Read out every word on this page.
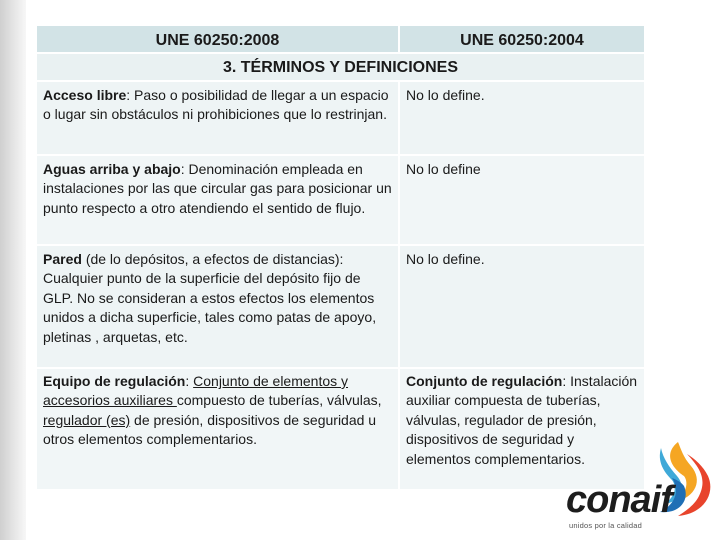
UNE 60250:2008	UNE 60250:2004
3. TÉRMINOS Y DEFINICIONES
Acceso libre: Paso o posibilidad de llegar a un espacio o lugar sin obstáculos ni prohibiciones que lo restrinjan.
No lo define.
Aguas arriba y abajo: Denominación empleada en instalaciones por las que circular gas para posicionar un punto respecto a otro atendiendo el sentido de flujo.
No lo define
Pared (de lo depósitos, a efectos de distancias): Cualquier punto de la superficie del depósito fijo de GLP. No se consideran a estos efectos los elementos unidos a dicha superficie, tales como patas de apoyo, pletinas , arquetas, etc.
No lo define.
Equipo de regulación: Conjunto de elementos y accesorios auxiliares compuesto de tuberías, válvulas, regulador (es) de presión, dispositivos de seguridad u otros elementos complementarios.
Conjunto de regulación: Instalación auxiliar compuesta de tuberías, válvulas, regulador de presión, dispositivos de seguridad y elementos complementarios.
conaif
unidos por la calidad
